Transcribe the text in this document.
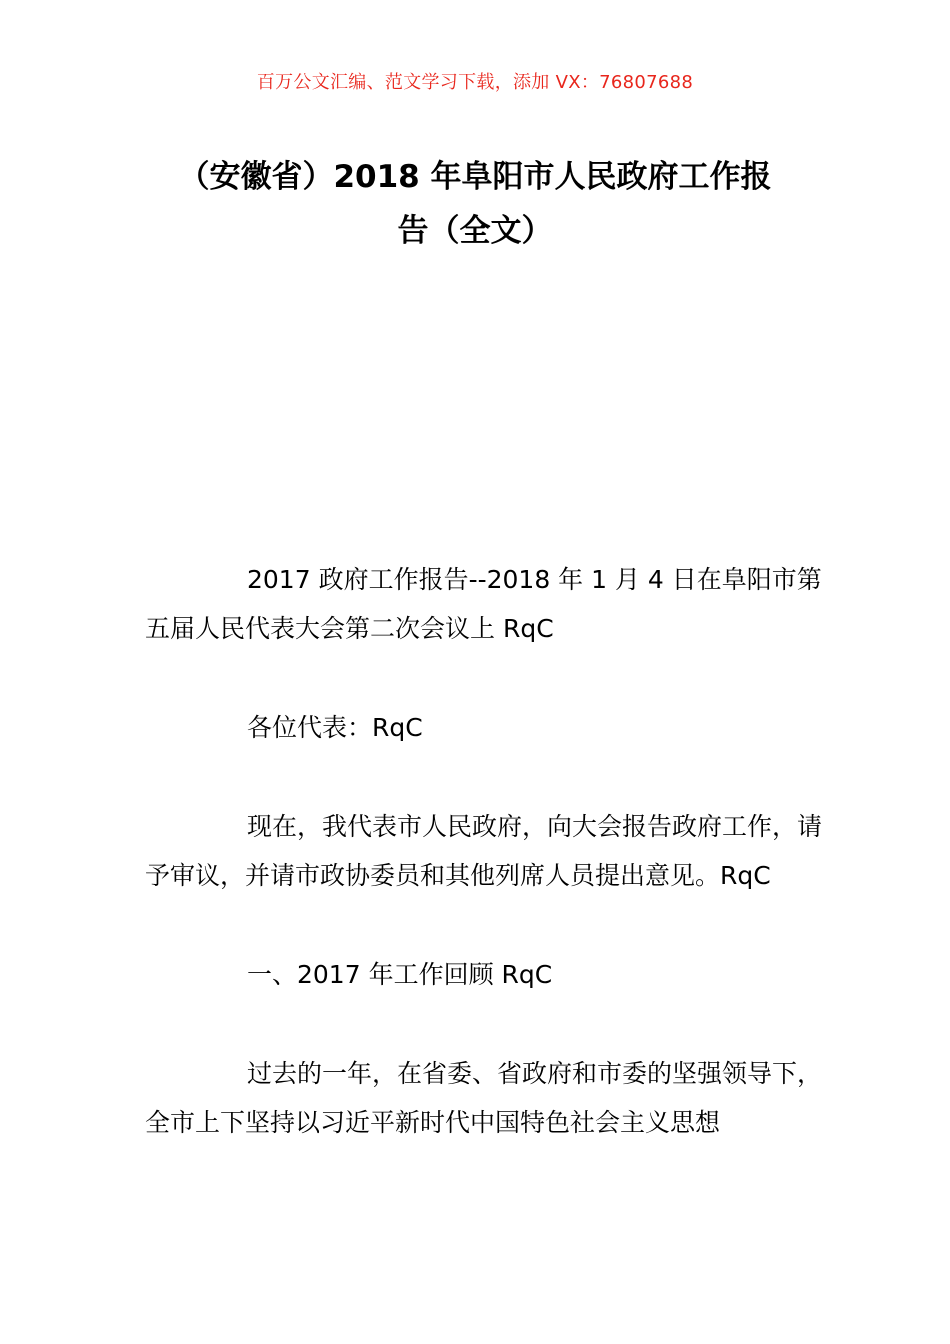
百万公文汇编、范文学习下载，添加 VX：76807688
（安徽省）2018 年阜阳市人民政府工作报
告（全文）

2017 政府工作报告--2018 年 1 月 4 日在阜阳市第五届人民代表大会第二次会议上 RqC

各位代表：RqC

现在，我代表市人民政府，向大会报告政府工作，请予审议，并请市政协委员和其他列席人员提出意见。RqC

一、2017 年工作回顾 RqC

过去的一年，在省委、省政府和市委的坚强领导下，全市上下坚持以习近平新时代中国特色社会主义思想
